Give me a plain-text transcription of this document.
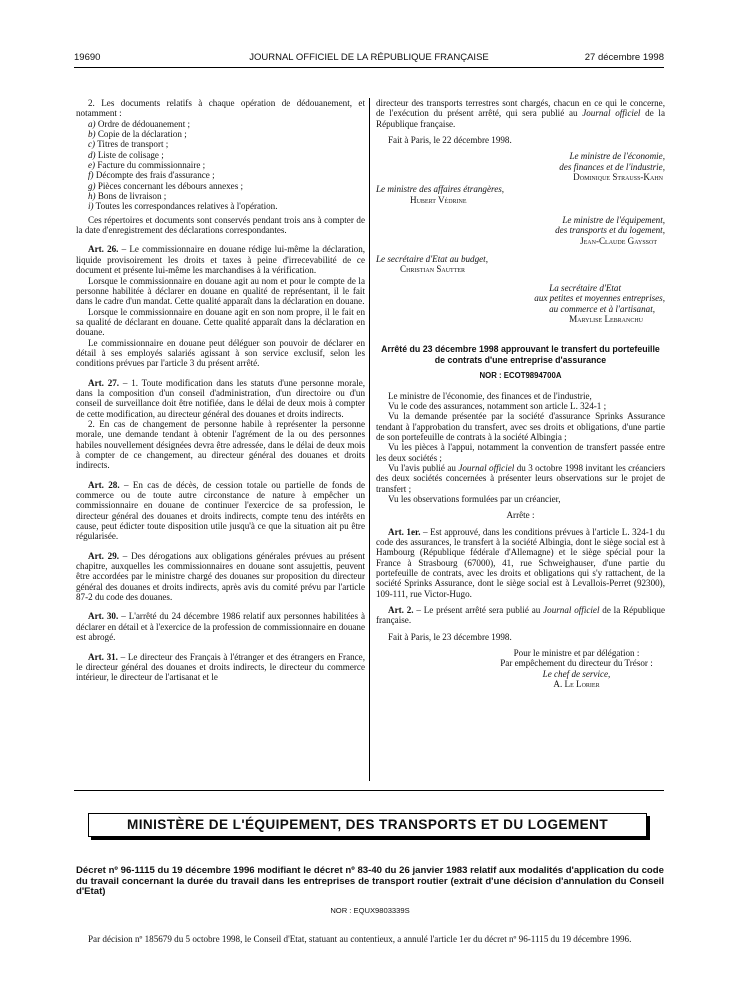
19690	JOURNAL OFFICIEL DE LA RÉPUBLIQUE FRANÇAISE	27 décembre 1998

2. Les documents relatifs à chaque opération de dédouanement, et notamment :

a) Ordre de dédouanement ;

b) Copie de la déclaration ;

c) Titres de transport ;

d) Liste de colisage ;

e) Facture du commissionnaire ;

f) Décompte des frais d'assurance ;

g) Pièces concernant les débours annexes ;

h) Bons de livraison ;

i) Toutes les correspondances relatives à l'opération.

Ces répertoires et documents sont conservés pendant trois ans à compter de la date d'enregistrement des déclarations correspondantes.

Art. 26. – Le commissionnaire en douane rédige lui-même la déclaration, liquide provisoirement les droits et taxes à peine d'irrecevabilité de ce document et présente lui-même les marchandises à la vérification.

Lorsque le commissionnaire en douane agit au nom et pour le compte de la personne habilitée à déclarer en douane en qualité de représentant, il le fait dans le cadre d'un mandat. Cette qualité apparaît dans la déclaration en douane.

Lorsque le commissionnaire en douane agit en son nom propre, il le fait en sa qualité de déclarant en douane. Cette qualité apparaît dans la déclaration en douane.

Le commissionnaire en douane peut déléguer son pouvoir de déclarer en détail à ses employés salariés agissant à son service exclusif, selon les conditions prévues par l'article 3 du présent arrêté.

Art. 27. – 1. Toute modification dans les statuts d'une personne morale, dans la composition d'un conseil d'administration, d'un directoire ou d'un conseil de surveillance doit être notifiée, dans le délai de deux mois à compter de cette modification, au directeur général des douanes et droits indirects.

2. En cas de changement de personne habile à représenter la personne morale, une demande tendant à obtenir l'agrément de la ou des personnes habiles nouvellement désignées devra être adressée, dans le délai de deux mois à compter de ce changement, au directeur général des douanes et droits indirects.

Art. 28. – En cas de décès, de cession totale ou partielle de fonds de commerce ou de toute autre circonstance de nature à empêcher un commissionnaire en douane de continuer l'exercice de sa profession, le directeur général des douanes et droits indirects, compte tenu des intérêts en cause, peut édicter toute disposition utile jusqu'à ce que la situation ait pu être régularisée.

Art. 29. – Des dérogations aux obligations générales prévues au présent chapitre, auxquelles les commissionnaires en douane sont assujettis, peuvent être accordées par le ministre chargé des douanes sur proposition du directeur général des douanes et droits indirects, après avis du comité prévu par l'article 87-2 du code des douanes.

Art. 30. – L'arrêté du 24 décembre 1986 relatif aux personnes habilitées à déclarer en détail et à l'exercice de la profession de commissionnaire en douane est abrogé.

Art. 31. – Le directeur des Français à l'étranger et des étrangers en France, le directeur général des douanes et droits indirects, le directeur du commerce intérieur, le directeur de l'artisanat et le

directeur des transports terrestres sont chargés, chacun en ce qui le concerne, de l'exécution du présent arrêté, qui sera publié au Journal officiel de la République française.

Fait à Paris, le 22 décembre 1998.

Le ministre de l'économie,
des finances et de l'industrie,
Dominique Strauss-Kahn
Le ministre des affaires étrangères,
Hubert Védrine
Le ministre de l'équipement,
des transports et du logement,
Jean-Claude Gayssot
Le secrétaire d'Etat au budget,
Christian Sautter
La secrétaire d'Etat
aux petites et moyennes entreprises,
au commerce et à l'artisanat,
Marylise Lebranchu

Arrêté du 23 décembre 1998 approuvant le transfert du portefeuille de contrats d'une entreprise d'assurance

NOR : ECOT9894700A

Le ministre de l'économie, des finances et de l'industrie,

Vu le code des assurances, notamment son article L. 324-1 ;

Vu la demande présentée par la société d'assurance Sprinks Assurance tendant à l'approbation du transfert, avec ses droits et obligations, d'une partie de son portefeuille de contrats à la société Albingia ;

Vu les pièces à l'appui, notamment la convention de transfert passée entre les deux sociétés ;

Vu l'avis publié au Journal officiel du 3 octobre 1998 invitant les créanciers des deux sociétés concernées à présenter leurs observations sur le projet de transfert ;

Vu les observations formulées par un créancier,

Arrête :

Art. 1er. – Est approuvé, dans les conditions prévues à l'article L. 324-1 du code des assurances, le transfert à la société Albingia, dont le siège social est à Hambourg (République fédérale d'Allemagne) et le siège spécial pour la France à Strasbourg (67000), 41, rue Schweighauser, d'une partie du portefeuille de contrats, avec les droits et obligations qui s'y rattachent, de la société Sprinks Assurance, dont le siège social est à Levallois-Perret (92300), 109-111, rue Victor-Hugo.

Art. 2. – Le présent arrêté sera publié au Journal officiel de la République française.

Fait à Paris, le 23 décembre 1998.

Pour le ministre et par délégation :
Par empêchement du directeur du Trésor :
Le chef de service,
A. Le Lorier
MINISTÈRE DE L'ÉQUIPEMENT, DES TRANSPORTS ET DU LOGEMENT

Décret nº 96-1115 du 19 décembre 1996 modifiant le décret nº 83-40 du 26 janvier 1983 relatif aux modalités d'application du code du travail concernant la durée du travail dans les entreprises de transport routier (extrait d'une décision d'annulation du Conseil d'Etat)

NOR : EQUX9803339S

Par décision nº 185679 du 5 octobre 1998, le Conseil d'Etat, statuant au contentieux, a annulé l'article 1er du décret nº 96-1115 du 19 décembre 1996.
